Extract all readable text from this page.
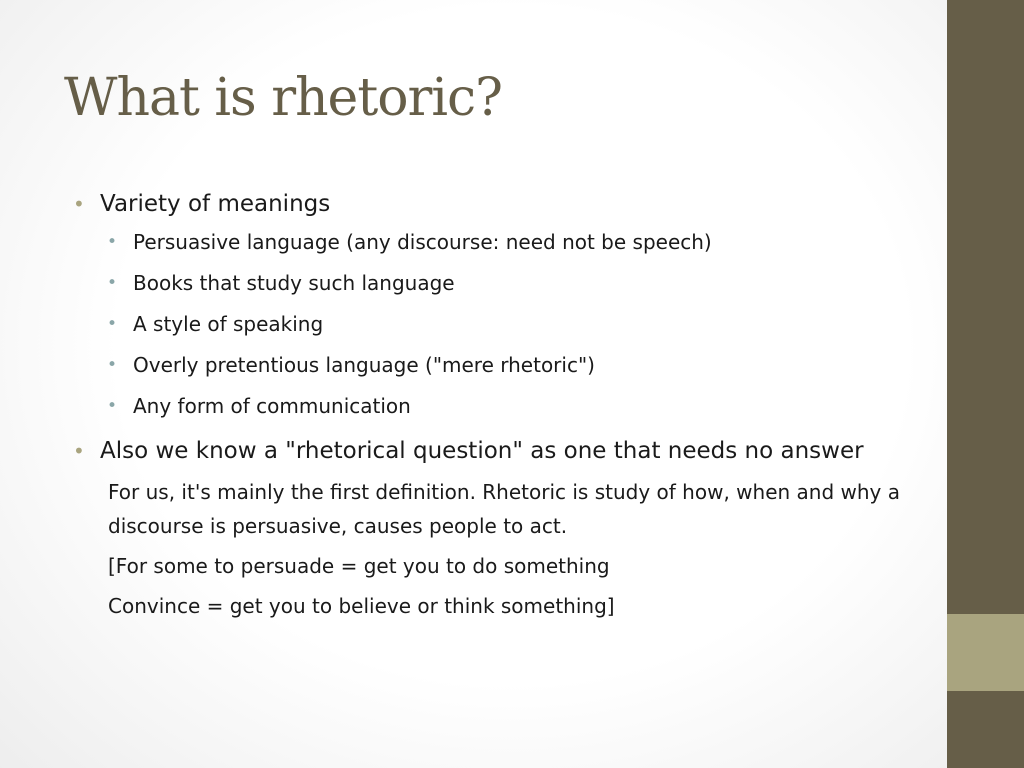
What is rhetoric?
• Variety of meanings
• Persuasive language (any discourse: need not be speech)
• Books that study such language
• A style of speaking
• Overly pretentious language ("mere rhetoric")
• Any form of communication
• Also we know a "rhetorical question" as one that needs no answer
For us, it's mainly the first definition. Rhetoric is study of how, when and why a discourse is persuasive, causes people to act.
[For some to persuade = get you to do something
Convince = get you to believe or think something]
